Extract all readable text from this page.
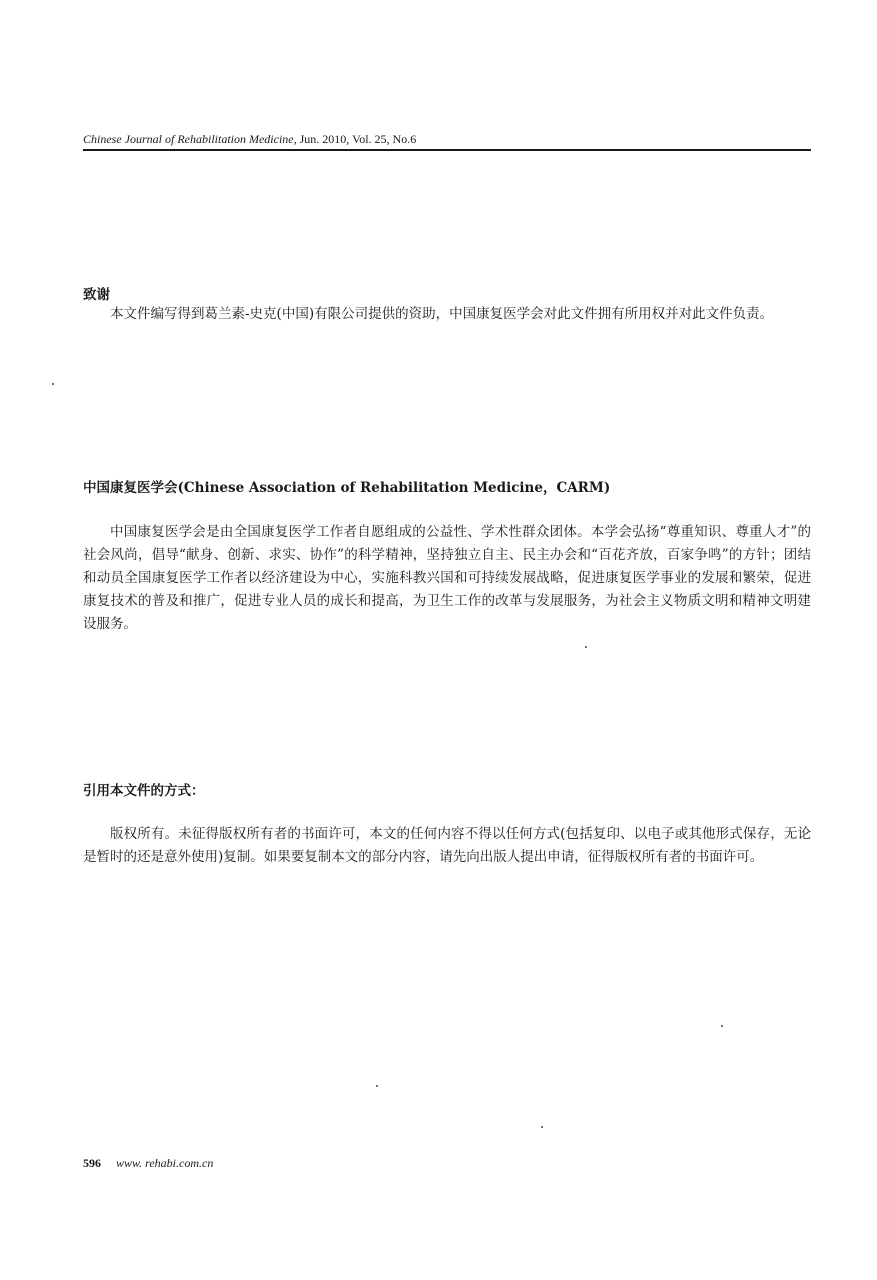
Chinese Journal of Rehabilitation Medicine, Jun. 2010, Vol. 25, No.6
致谢

本文件编写得到葛兰素-史克(中国)有限公司提供的资助，中国康复医学会对此文件拥有所用权并对此文件负责。

中国康复医学会(Chinese Association of Rehabilitation Medicine，CARM)

中国康复医学会是由全国康复医学工作者自愿组成的公益性、学术性群众团体。本学会弘扬“尊重知识、尊重人才”的社会风尚，倡导“献身、创新、求实、协作”的科学精神，坚持独立自主、民主办会和“百花齐放，百家争鸣”的方针；团结和动员全国康复医学工作者以经济建设为中心，实施科教兴国和可持续发展战略，促进康复医学事业的发展和繁荣，促进康复技术的普及和推广，促进专业人员的成长和提高，为卫生工作的改革与发展服务，为社会主义物质文明和精神文明建设服务。

引用本文件的方式：

版权所有。未征得版权所有者的书面许可，本文的任何内容不得以任何方式(包括复印、以电子或其他形式保存，无论是暂时的还是意外使用)复制。如果要复制本文的部分内容，请先向出版人提出申请，征得版权所有者的书面许可。

596 www. rehabi.com.cn
